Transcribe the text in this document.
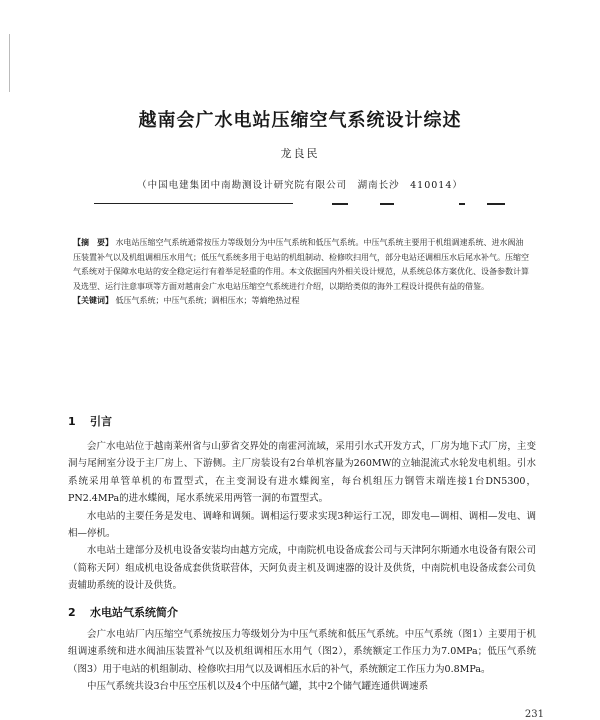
越南会广水电站压缩空气系统设计综述
龙良民
（中国电建集团中南勘测设计研究院有限公司　湖南长沙　410014）

【摘　要】 水电站压缩空气系统通常按压力等级划分为中压气系统和低压气系统。中压气系统主要用于机组调速系统、进水阀油压装置补气以及机组调相压水用气；低压气系统多用于电站的机组制动、检修吹扫用气，部分电站还调相压水后尾水补气。压缩空气系统对于保障水电站的安全稳定运行有着举足轻重的作用。本文依据国内外相关设计规范，从系统总体方案优化、设备参数计算及选型、运行注意事项等方面对越南会广水电站压缩空气系统进行介绍，以期给类似的海外工程设计提供有益的借鉴。

【关键词】 低压气系统；中压气系统；调相压水；等熵绝热过程

1 引言

会广水电站位于越南莱州省与山萝省交界处的南霍河流域，采用引水式开发方式，厂房为地下式厂房，主变洞与尾闸室分设于主厂房上、下游侧。主厂房装设有2台单机容量为260MW的立轴混流式水轮发电机组。引水系统采用单管单机的布置型式，在主变洞设有进水蝶阀室，每台机组压力钢管末端连接1台DN5300，PN2.4MPa的进水蝶阀，尾水系统采用两管一洞的布置型式。

水电站的主要任务是发电、调峰和调频。调相运行要求实现3种运行工况，即发电—调相、调相—发电、调相—停机。

水电站土建部分及机电设备安装均由越方完成，中南院机电设备成套公司与天津阿尔斯通水电设备有限公司（简称天阿）组成机电设备成套供货联营体，天阿负责主机及调速器的设计及供货，中南院机电设备成套公司负责辅助系统的设计及供货。

2 水电站气系统简介

会广水电站厂内压缩空气系统按压力等级划分为中压气系统和低压气系统。中压气系统（图1）主要用于机组调速系统和进水阀油压装置补气以及机组调相压水用气（图2），系统额定工作压力为7.0MPa；低压气系统（图3）用于电站的机组制动、检修吹扫用气以及调相压水后的补气，系统额定工作压力为0.8MPa。

中压气系统共设3台中压空压机以及4个中压储气罐，其中2个储气罐连通供调速系

231
